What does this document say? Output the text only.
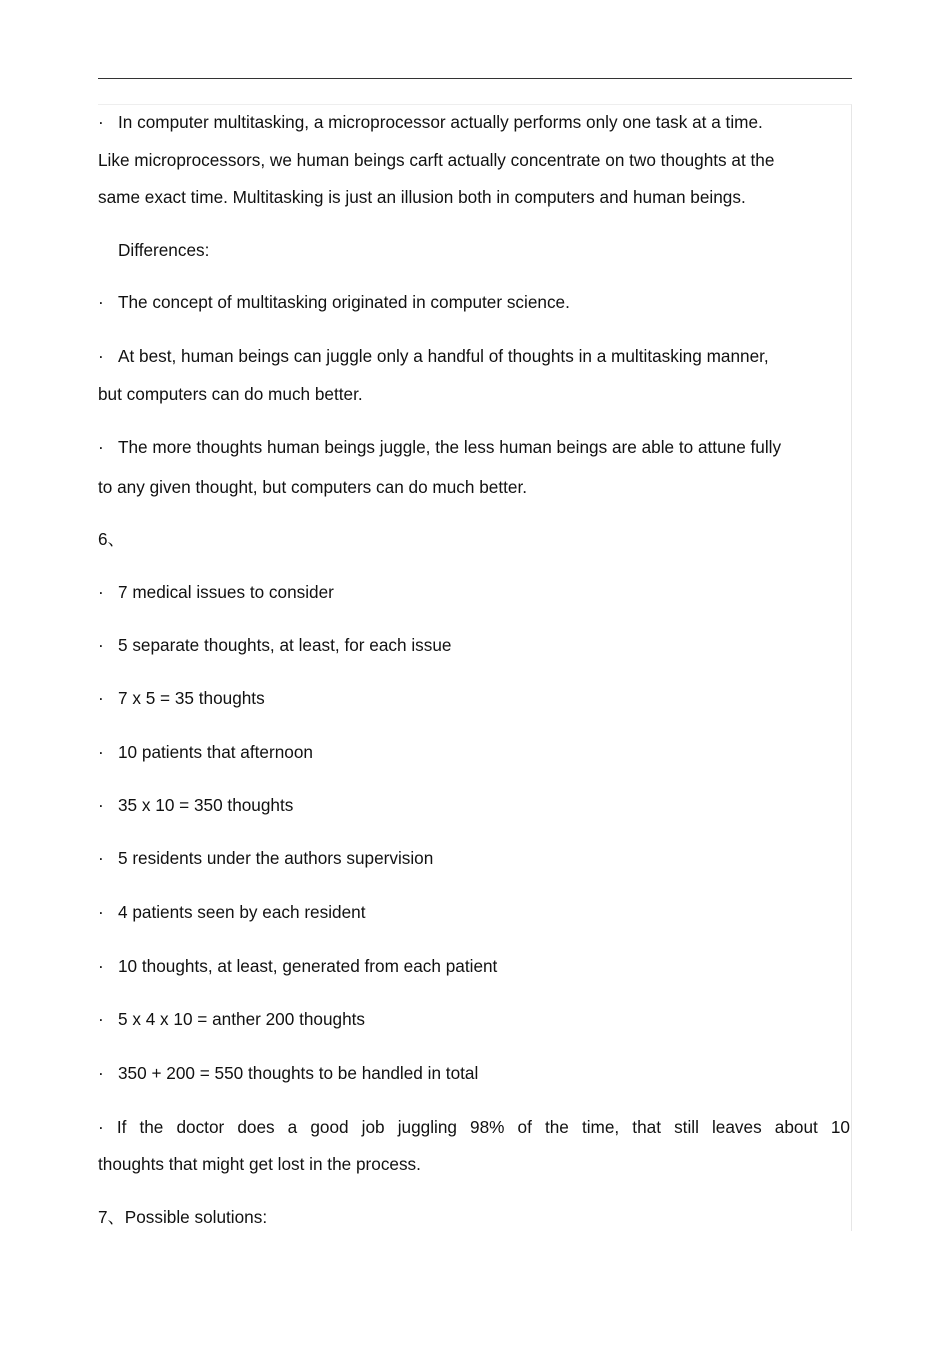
· In computer multitasking, a microprocessor actually performs only one task at a time.
Like microprocessors, we human beings carft actually concentrate on two thoughts at the
same exact time. Multitasking is just an illusion both in computers and human beings.
Differences:
· The concept of multitasking originated in computer science.
· At best, human beings can juggle only a handful of thoughts in a multitasking manner,
but computers can do much better.
· The more thoughts human beings juggle, the less human beings are able to attune fully
to any given thought, but computers can do much better.
6、
· 7 medical issues to consider
· 5 separate thoughts, at least, for each issue
· 7 x 5 = 35 thoughts
· 10 patients that afternoon
· 35 x 10 = 350 thoughts
· 5 residents under the authors supervision
· 4 patients seen by each resident
· 10 thoughts, at least, generated from each patient
· 5 x 4 x 10 = anther 200 thoughts
· 350 + 200 = 550 thoughts to be handled in total
· If the doctor does a good job juggling 98% of the time, that still leaves about 10
thoughts that might get lost in the process.
7、Possible solutions:
